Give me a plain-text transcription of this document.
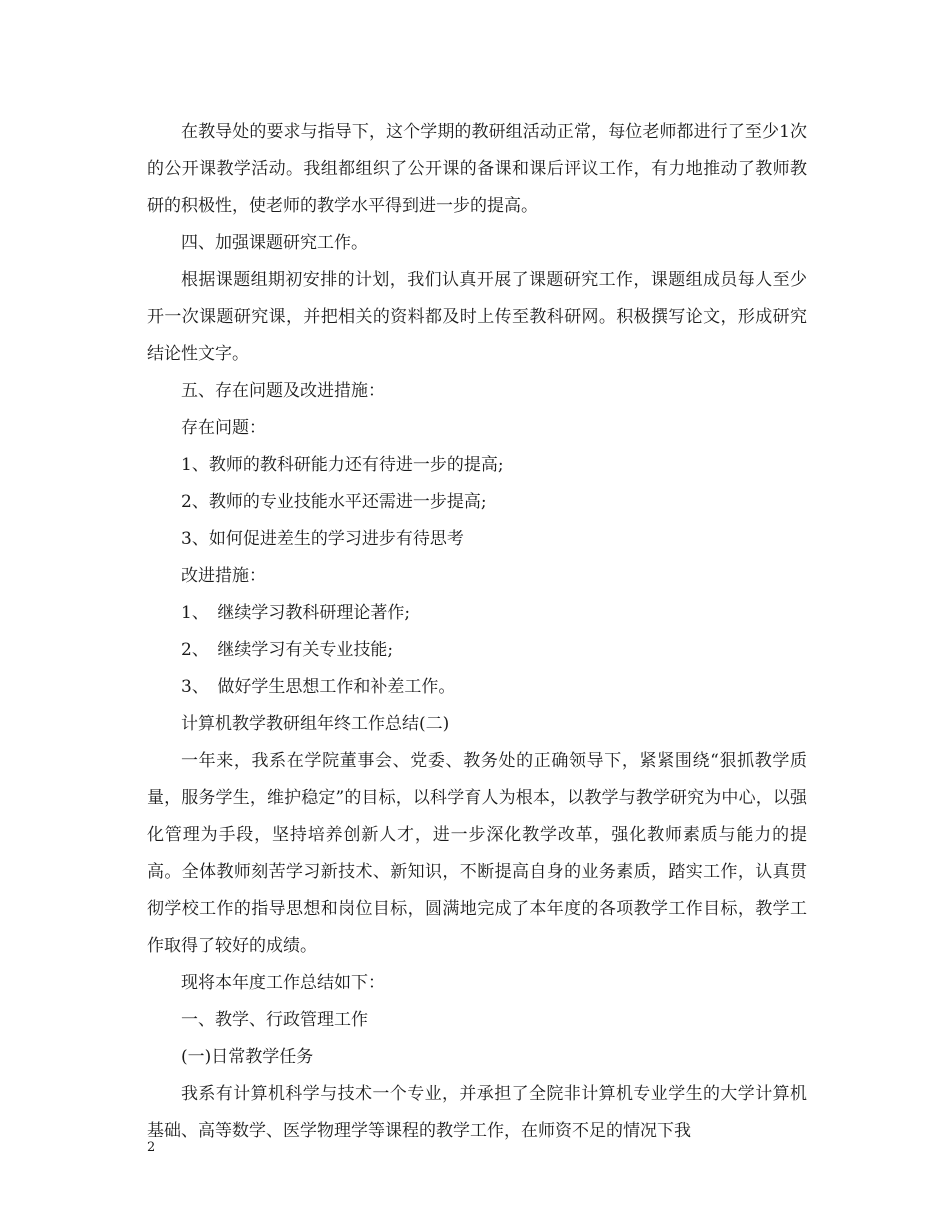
在教导处的要求与指导下，这个学期的教研组活动正常，每位老师都进行了至少1次的公开课教学活动。我组都组织了公开课的备课和课后评议工作，有力地推动了教师教研的积极性，使老师的教学水平得到进一步的提高。

四、加强课题研究工作。

根据课题组期初安排的计划，我们认真开展了课题研究工作，课题组成员每人至少开一次课题研究课，并把相关的资料都及时上传至教科研网。积极撰写论文，形成研究结论性文字。

五、存在问题及改进措施：

存在问题：

1、教师的教科研能力还有待进一步的提高;

2、教师的专业技能水平还需进一步提高;

3、如何促进差生的学习进步有待思考

改进措施：

1、　继续学习教科研理论著作;

2、　继续学习有关专业技能;

3、　做好学生思想工作和补差工作。

计算机教学教研组年终工作总结(二)

一年来，我系在学院董事会、党委、教务处的正确领导下，紧紧围绕“狠抓教学质量，服务学生，维护稳定”的目标，以科学育人为根本，以教学与教学研究为中心，以强化管理为手段，坚持培养创新人才，进一步深化教学改革，强化教师素质与能力的提高。全体教师刻苦学习新技术、新知识，不断提高自身的业务素质，踏实工作，认真贯彻学校工作的指导思想和岗位目标，圆满地完成了本年度的各项教学工作目标，教学工作取得了较好的成绩。

现将本年度工作总结如下：

一、教学、行政管理工作

(一)日常教学任务

我系有计算机科学与技术一个专业，并承担了全院非计算机专业学生的大学计算机基础、高等数学、医学物理学等课程的教学工作，在师资不足的情况下我

2
